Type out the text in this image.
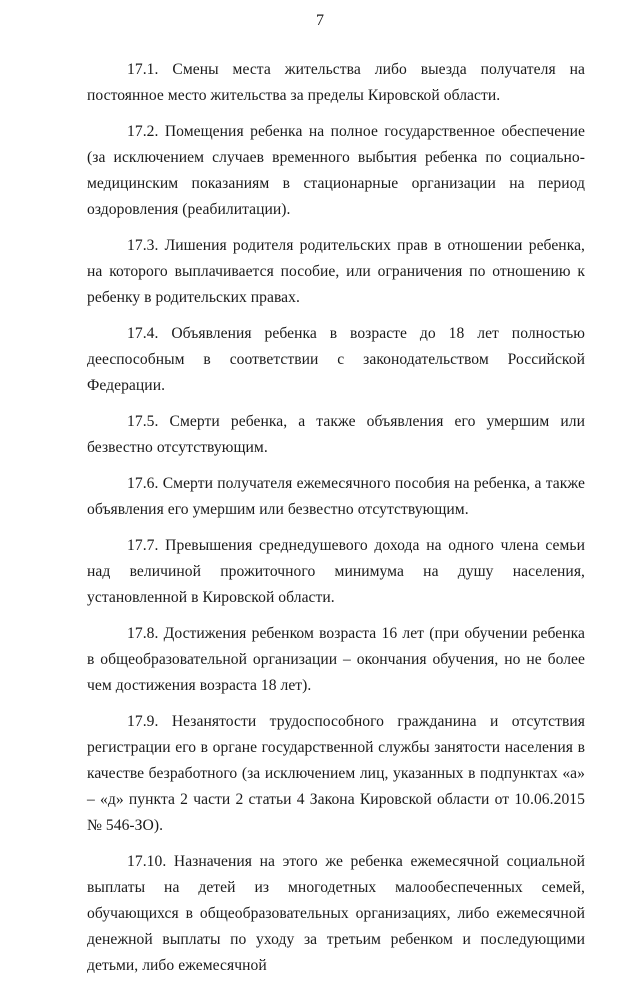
7

17.1. Смены места жительства либо выезда получателя на постоянное место жительства за пределы Кировской области.

17.2. Помещения ребенка на полное государственное обеспечение (за исключением случаев временного выбытия ребенка по социально-медицинским показаниям в стационарные организации на период оздоровления (реабилитации).

17.3. Лишения родителя родительских прав в отношении ребенка, на которого выплачивается пособие, или ограничения по отношению к ребенку в родительских правах.

17.4. Объявления ребенка в возрасте до 18 лет полностью дееспособным в соответствии с законодательством Российской Федерации.

17.5. Смерти ребенка, а также объявления его умершим или безвестно отсутствующим.

17.6. Смерти получателя ежемесячного пособия на ребенка, а также объявления его умершим или безвестно отсутствующим.

17.7. Превышения среднедушевого дохода на одного члена семьи над величиной прожиточного минимума на душу населения, установленной в Кировской области.

17.8. Достижения ребенком возраста 16 лет (при обучении ребенка в общеобразовательной организации – окончания обучения, но не более чем достижения возраста 18 лет).

17.9. Незанятости трудоспособного гражданина и отсутствия регистрации его в органе государственной службы занятости населения в качестве безработного (за исключением лиц, указанных в подпунктах «а» – «д» пункта 2 части 2 статьи 4 Закона Кировской области от 10.06.2015 № 546-ЗО).

17.10. Назначения на этого же ребенка ежемесячной социальной выплаты на детей из многодетных малообеспеченных семей, обучающихся в общеобразовательных организациях, либо ежемесячной денежной выплаты по уходу за третьим ребенком и последующими детьми, либо ежемесячной
